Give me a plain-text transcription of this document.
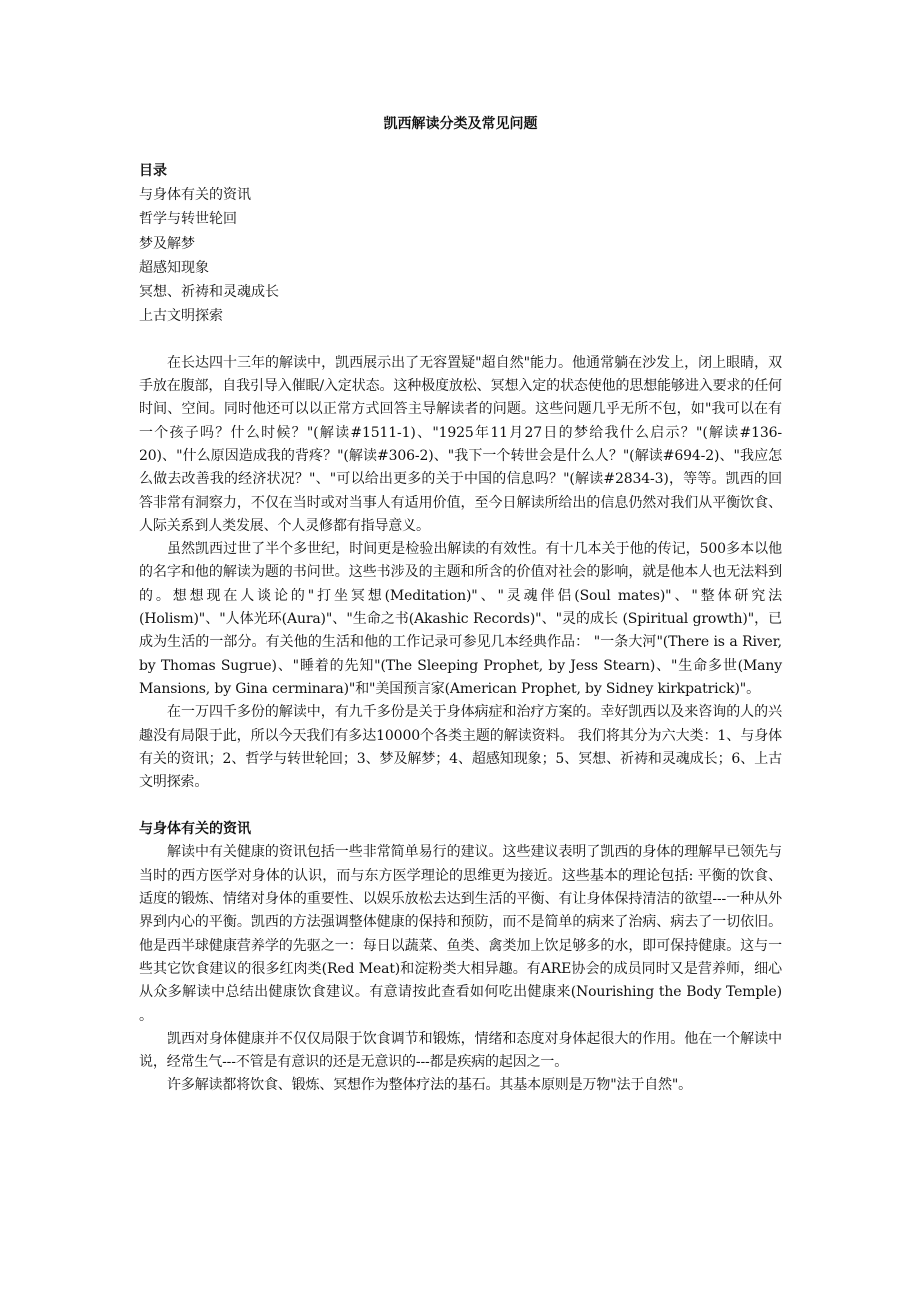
凯西解读分类及常见问题
目录
与身体有关的资讯
哲学与转世轮回
梦及解梦
超感知现象
冥想、祈祷和灵魂成长
上古文明探索

在长达四十三年的解读中，凯西展示出了无容置疑"超自然"能力。他通常躺在沙发上，闭上眼睛，双手放在腹部，自我引导入催眠/入定状态。这种极度放松、冥想入定的状态使他的思想能够进入要求的任何时间、空间。同时他还可以以正常方式回答主导解读者的问题。这些问题几乎无所不包，如"我可以在有一个孩子吗？什么时候？"(解读#1511-1)、"1925年11月27日的梦给我什么启示？"(解读#136-20)、"什么原因造成我的背疼？"(解读#306-2)、"我下一个转世会是什么人？"(解读#694-2)、"我应怎么做去改善我的经济状况？"、"可以给出更多的关于中国的信息吗？"(解读#2834-3)，等等。凯西的回答非常有洞察力，不仅在当时或对当事人有适用价值，至今日解读所给出的信息仍然对我们从平衡饮食、人际关系到人类发展、个人灵修都有指导意义。

虽然凯西过世了半个多世纪，时间更是检验出解读的有效性。有十几本关于他的传记，500多本以他的名字和他的解读为题的书问世。这些书涉及的主题和所含的价值对社会的影响，就是他本人也无法料到的。想想现在人谈论的"打坐冥想(Meditation)"、"灵魂伴侣(Soul mates)"、"整体研究法(Holism)"、"人体光环(Aura)"、"生命之书(Akashic Records)"、"灵的成长 (Spiritual growth)"，已成为生活的一部分。有关他的生活和他的工作记录可参见几本经典作品： "一条大河"(There is a River, by Thomas Sugrue)、"睡着的先知"(The Sleeping Prophet, by Jess Stearn)、"生命多世(Many Mansions, by Gina cerminara)"和"美国预言家(American Prophet, by Sidney kirkpatrick)"。

在一万四千多份的解读中，有九千多份是关于身体病症和治疗方案的。幸好凯西以及来咨询的人的兴趣没有局限于此，所以今天我们有多达10000个各类主题的解读资料。 我们将其分为六大类：1、与身体有关的资讯；2、哲学与转世轮回；3、梦及解梦；4、超感知现象；5、冥想、祈祷和灵魂成长；6、上古文明探索。

与身体有关的资讯

解读中有关健康的资讯包括一些非常简单易行的建议。这些建议表明了凯西的身体的理解早已领先与当时的西方医学对身体的认识，而与东方医学理论的思维更为接近。这些基本的理论包括: 平衡的饮食、适度的锻炼、情绪对身体的重要性、以娱乐放松去达到生活的平衡、有让身体保持清洁的欲望---一种从外界到内心的平衡。凯西的方法强调整体健康的保持和预防，而不是简单的病来了治病、病去了一切依旧。他是西半球健康营养学的先驱之一：每日以蔬菜、鱼类、禽类加上饮足够多的水，即可保持健康。这与一些其它饮食建议的很多红肉类(Red Meat)和淀粉类大相异趣。有ARE协会的成员同时又是营养师，细心从众多解读中总结出健康饮食建议。有意请按此查看如何吃出健康来(Nourishing the Body Temple) 。

凯西对身体健康并不仅仅局限于饮食调节和锻炼，情绪和态度对身体起很大的作用。他在一个解读中说，经常生气---不管是有意识的还是无意识的---都是疾病的起因之一。

许多解读都将饮食、锻炼、冥想作为整体疗法的基石。其基本原则是万物"法于自然"。
